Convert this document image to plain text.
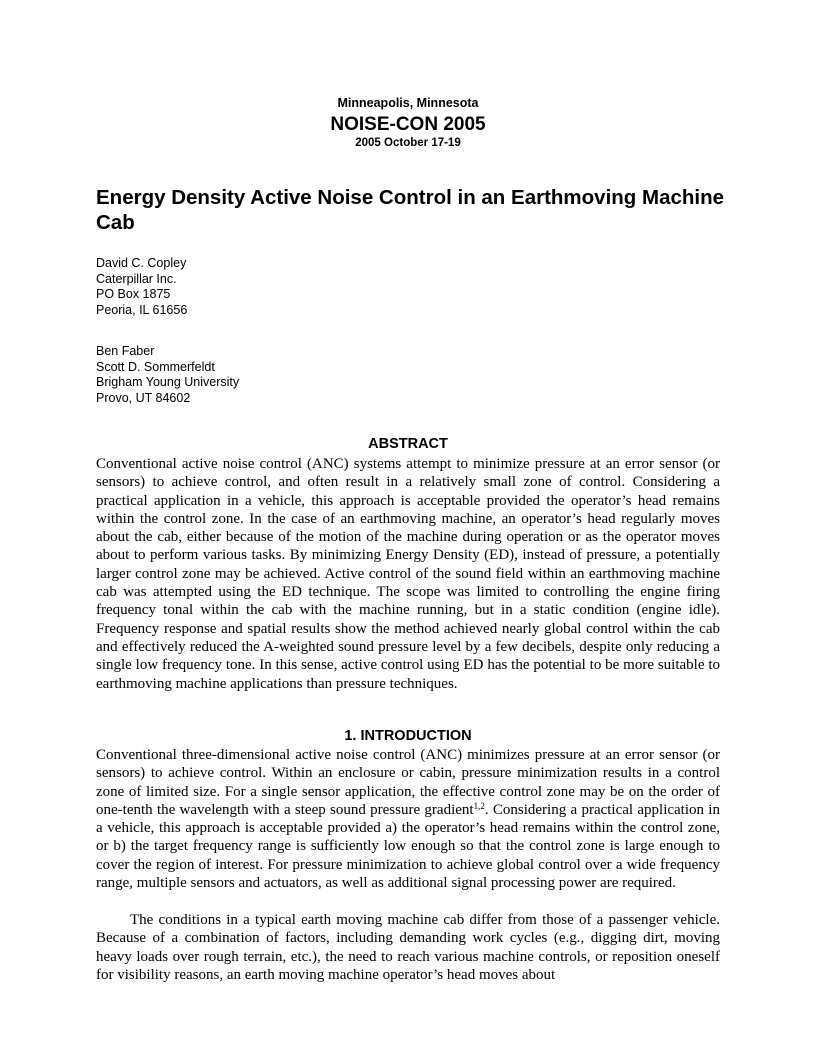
Minneapolis, Minnesota
NOISE-CON 2005
2005 October 17-19
Energy Density Active Noise Control in an Earthmoving Machine Cab
David C. Copley
Caterpillar Inc.
PO Box 1875
Peoria, IL 61656
Ben Faber
Scott D. Sommerfeldt
Brigham Young University
Provo, UT 84602
ABSTRACT

Conventional active noise control (ANC) systems attempt to minimize pressure at an error sensor (or sensors) to achieve control, and often result in a relatively small zone of control. Considering a practical application in a vehicle, this approach is acceptable provided the operator’s head remains within the control zone. In the case of an earthmoving machine, an operator’s head regularly moves about the cab, either because of the motion of the machine during operation or as the operator moves about to perform various tasks. By minimizing Energy Density (ED), instead of pressure, a potentially larger control zone may be achieved. Active control of the sound field within an earthmoving machine cab was attempted using the ED technique. The scope was limited to controlling the engine firing frequency tonal within the cab with the machine running, but in a static condition (engine idle). Frequency response and spatial results show the method achieved nearly global control within the cab and effectively reduced the A-weighted sound pressure level by a few decibels, despite only reducing a single low frequency tone. In this sense, active control using ED has the potential to be more suitable to earthmoving machine applications than pressure techniques.

1. INTRODUCTION

Conventional three-dimensional active noise control (ANC) minimizes pressure at an error sensor (or sensors) to achieve control. Within an enclosure or cabin, pressure minimization results in a control zone of limited size. For a single sensor application, the effective control zone may be on the order of one-tenth the wavelength with a steep sound pressure gradient$^{1,2}$. Considering a practical application in a vehicle, this approach is acceptable provided a) the operator’s head remains within the control zone, or b) the target frequency range is sufficiently low enough so that the control zone is large enough to cover the region of interest. For pressure minimization to achieve global control over a wide frequency range, multiple sensors and actuators, as well as additional signal processing power are required.

The conditions in a typical earth moving machine cab differ from those of a passenger vehicle. Because of a combination of factors, including demanding work cycles (e.g., digging dirt, moving heavy loads over rough terrain, etc.), the need to reach various machine controls, or reposition oneself for visibility reasons, an earth moving machine operator’s head moves about
